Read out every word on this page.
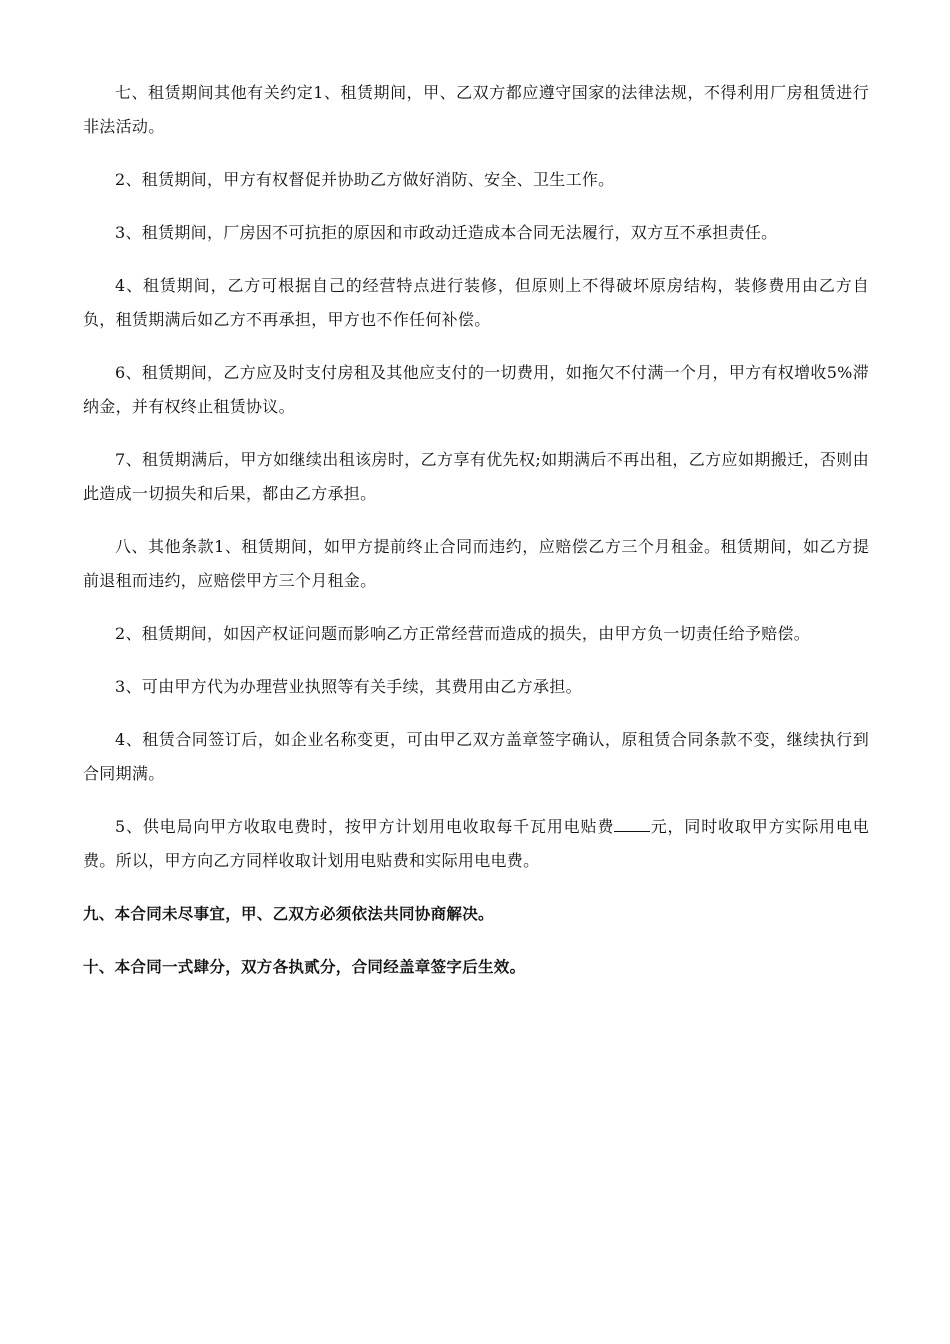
七、租赁期间其他有关约定1、租赁期间，甲、乙双方都应遵守国家的法律法规，不得利用厂房租赁进行非法活动。

2、租赁期间，甲方有权督促并协助乙方做好消防、安全、卫生工作。

3、租赁期间，厂房因不可抗拒的原因和市政动迁造成本合同无法履行，双方互不承担责任。

4、租赁期间，乙方可根据自己的经营特点进行装修，但原则上不得破坏原房结构，装修费用由乙方自负，租赁期满后如乙方不再承担，甲方也不作任何补偿。

6、租赁期间，乙方应及时支付房租及其他应支付的一切费用，如拖欠不付满一个月，甲方有权增收5%滞纳金，并有权终止租赁协议。

7、租赁期满后，甲方如继续出租该房时，乙方享有优先权;如期满后不再出租，乙方应如期搬迁，否则由此造成一切损失和后果，都由乙方承担。

八、其他条款1、租赁期间，如甲方提前终止合同而违约，应赔偿乙方三个月租金。租赁期间，如乙方提前退租而违约，应赔偿甲方三个月租金。

2、租赁期间，如因产权证问题而影响乙方正常经营而造成的损失，由甲方负一切责任给予赔偿。

3、可由甲方代为办理营业执照等有关手续，其费用由乙方承担。

4、租赁合同签订后，如企业名称变更，可由甲乙双方盖章签字确认，原租赁合同条款不变，继续执行到合同期满。

5、供电局向甲方收取电费时，按甲方计划用电收取每千瓦用电贴费 元，同时收取甲方实际用电电费。所以，甲方向乙方同样收取计划用电贴费和实际用电电费。

九、本合同未尽事宜，甲、乙双方必须依法共同协商解决。

十、本合同一式肆分，双方各执贰分，合同经盖章签字后生效。
